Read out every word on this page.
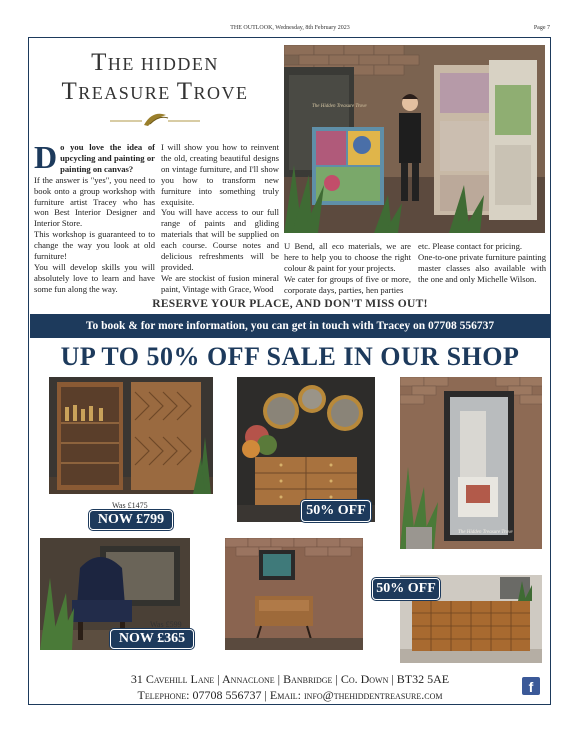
THE OUTLOOK, Wednesday, 8th February 2023	Page 7
THE HIDDEN
TREASURE TROVE
The Hidden Treasure Trove
D o you love the idea of upcycling and painting or painting on canvas?

If the answer is "yes", you need to book onto a group workshop with furniture artist Tracey who has won Best Interior Designer and Interior Store.

This workshop is guaranteed to to change the way you look at old furniture!

You will develop skills you will absolutely love to learn and have some fun along the way.

I will show you how to reinvent the old, creating beautiful designs on vintage furniture, and I'll show you how to transform new furniture into something truly exquisite.

You will have access to our full range of paints and gliding materials that will be supplied on each course. Course notes and delicious refreshments will be provided.

We are stockist of fusion mineral paint, Vintage with Grace, Wood

U Bend, all eco materials, we are here to help you to choose the right colour & paint for your projects.

We cater for groups of five or more, corporate days, parties, hen parties

etc. Please contact for pricing.

One-to-one private furniture painting master classes also available with the one and only Michelle Wilson.

RESERVE YOUR PLACE, AND DON'T MISS OUT!
To book & for more information, you can get in touch with Tracey on 07708 556737
UP TO 50% OFF SALE IN OUR SHOP
The Hidden Treasure Trove
Was £1475
NOW £799
50% OFF
Was £599
NOW £365
50% OFF
31 Cavehill Lane | Annaclone | Banbridge | Co. Down | BT32 5AE
Telephone: 07708 556737 | Email: info@thehiddentreasure.com	f
